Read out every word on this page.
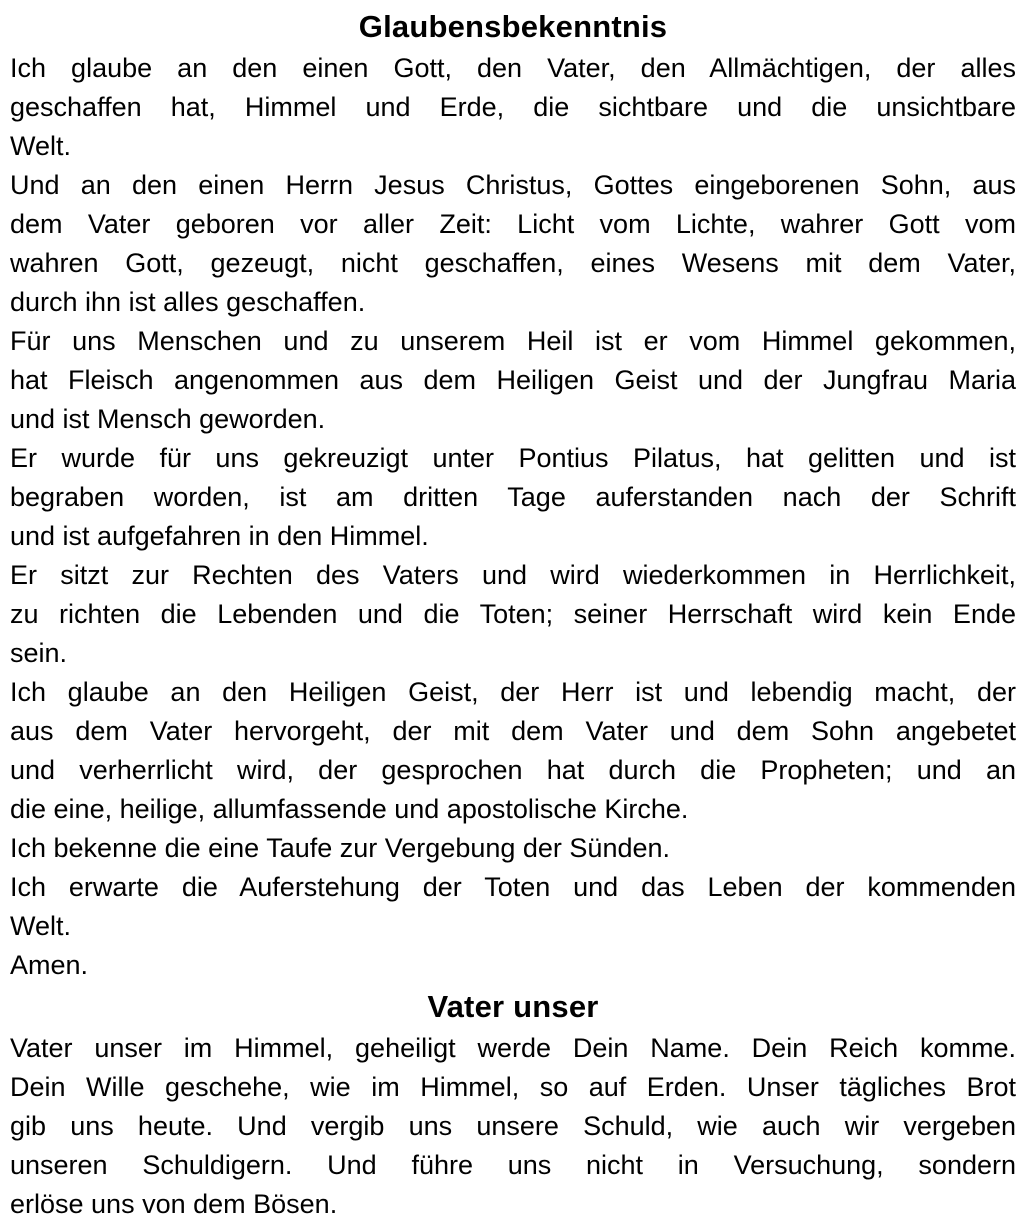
Glaubensbekenntnis

Ich glaube an den einen Gott, den Vater, den Allmächtigen, der alles
geschaffen hat, Himmel und Erde, die sichtbare und die unsichtbare
Welt.

Und an den einen Herrn Jesus Christus, Gottes eingeborenen Sohn, aus
dem Vater geboren vor aller Zeit: Licht vom Lichte, wahrer Gott vom
wahren Gott, gezeugt, nicht geschaffen, eines Wesens mit dem Vater,
durch ihn ist alles geschaffen.

Für uns Menschen und zu unserem Heil ist er vom Himmel gekommen,
hat Fleisch angenommen aus dem Heiligen Geist und der Jungfrau Maria
und ist Mensch geworden.

Er wurde für uns gekreuzigt unter Pontius Pilatus, hat gelitten und ist
begraben worden, ist am dritten Tage auferstanden nach der Schrift
und ist aufgefahren in den Himmel.

Er sitzt zur Rechten des Vaters und wird wiederkommen in Herrlichkeit,
zu richten die Lebenden und die Toten; seiner Herrschaft wird kein Ende
sein.

Ich glaube an den Heiligen Geist, der Herr ist und lebendig macht, der
aus dem Vater hervorgeht, der mit dem Vater und dem Sohn angebetet
und verherrlicht wird, der gesprochen hat durch die Propheten; und an
die eine, heilige, allumfassende und apostolische Kirche.

Ich bekenne die eine Taufe zur Vergebung der Sünden.

Ich erwarte die Auferstehung der Toten und das Leben der kommenden
Welt.

Amen.

Vater unser

Vater unser im Himmel, geheiligt werde Dein Name. Dein Reich komme.
Dein Wille geschehe, wie im Himmel, so auf Erden. Unser tägliches Brot
gib uns heute. Und vergib uns unsere Schuld, wie auch wir vergeben
unseren Schuldigern. Und führe uns nicht in Versuchung, sondern
erlöse uns von dem Bösen.
